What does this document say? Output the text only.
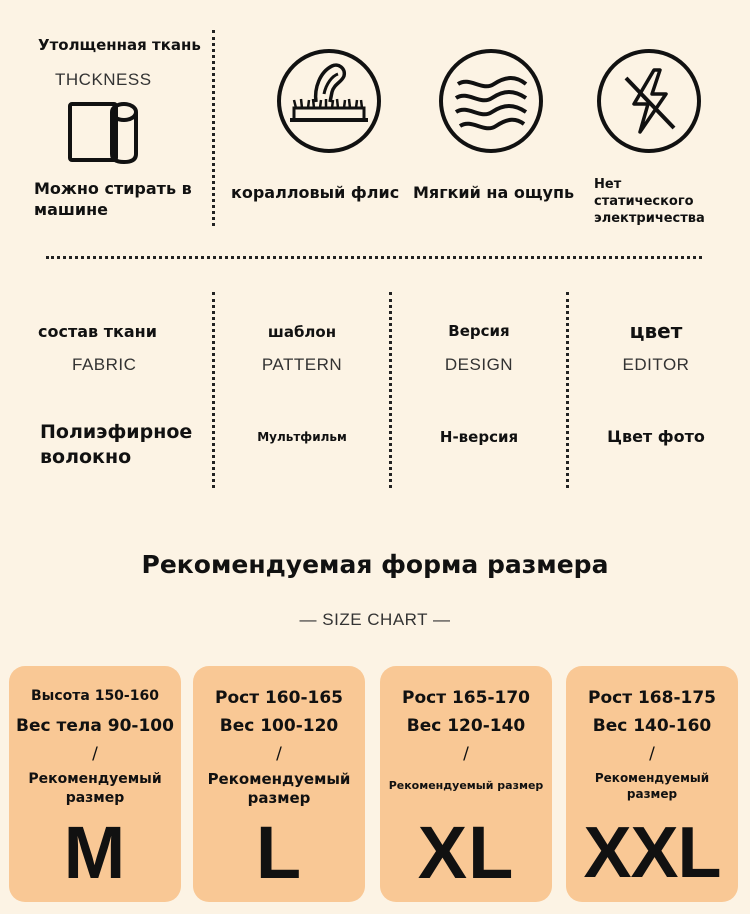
Утолщенная ткань
THCKNESS
Можно стирать в машине
коралловый флис Мягкий на ощупь Нет статического электричества
состав ткани
FABRIC
Полиэфирное волокно
шаблон
PATTERN
Мультфильм
Версия
DESIGN
Н-версия
цвет
EDITOR
Цвет фото
Рекомендуемая форма размера
— SIZE CHART —
Высота 150-160
Вес тела 90-100
/
Рекомендуемый размер
M
Рост 160-165
Вес 100-120
/
Рекомендуемый размер
L
Рост 165-170
Вес 120-140
/
Рекомендуемый размер
XL
Рост 168-175
Вес 140-160
/
Рекомендуемый размер
XXL
